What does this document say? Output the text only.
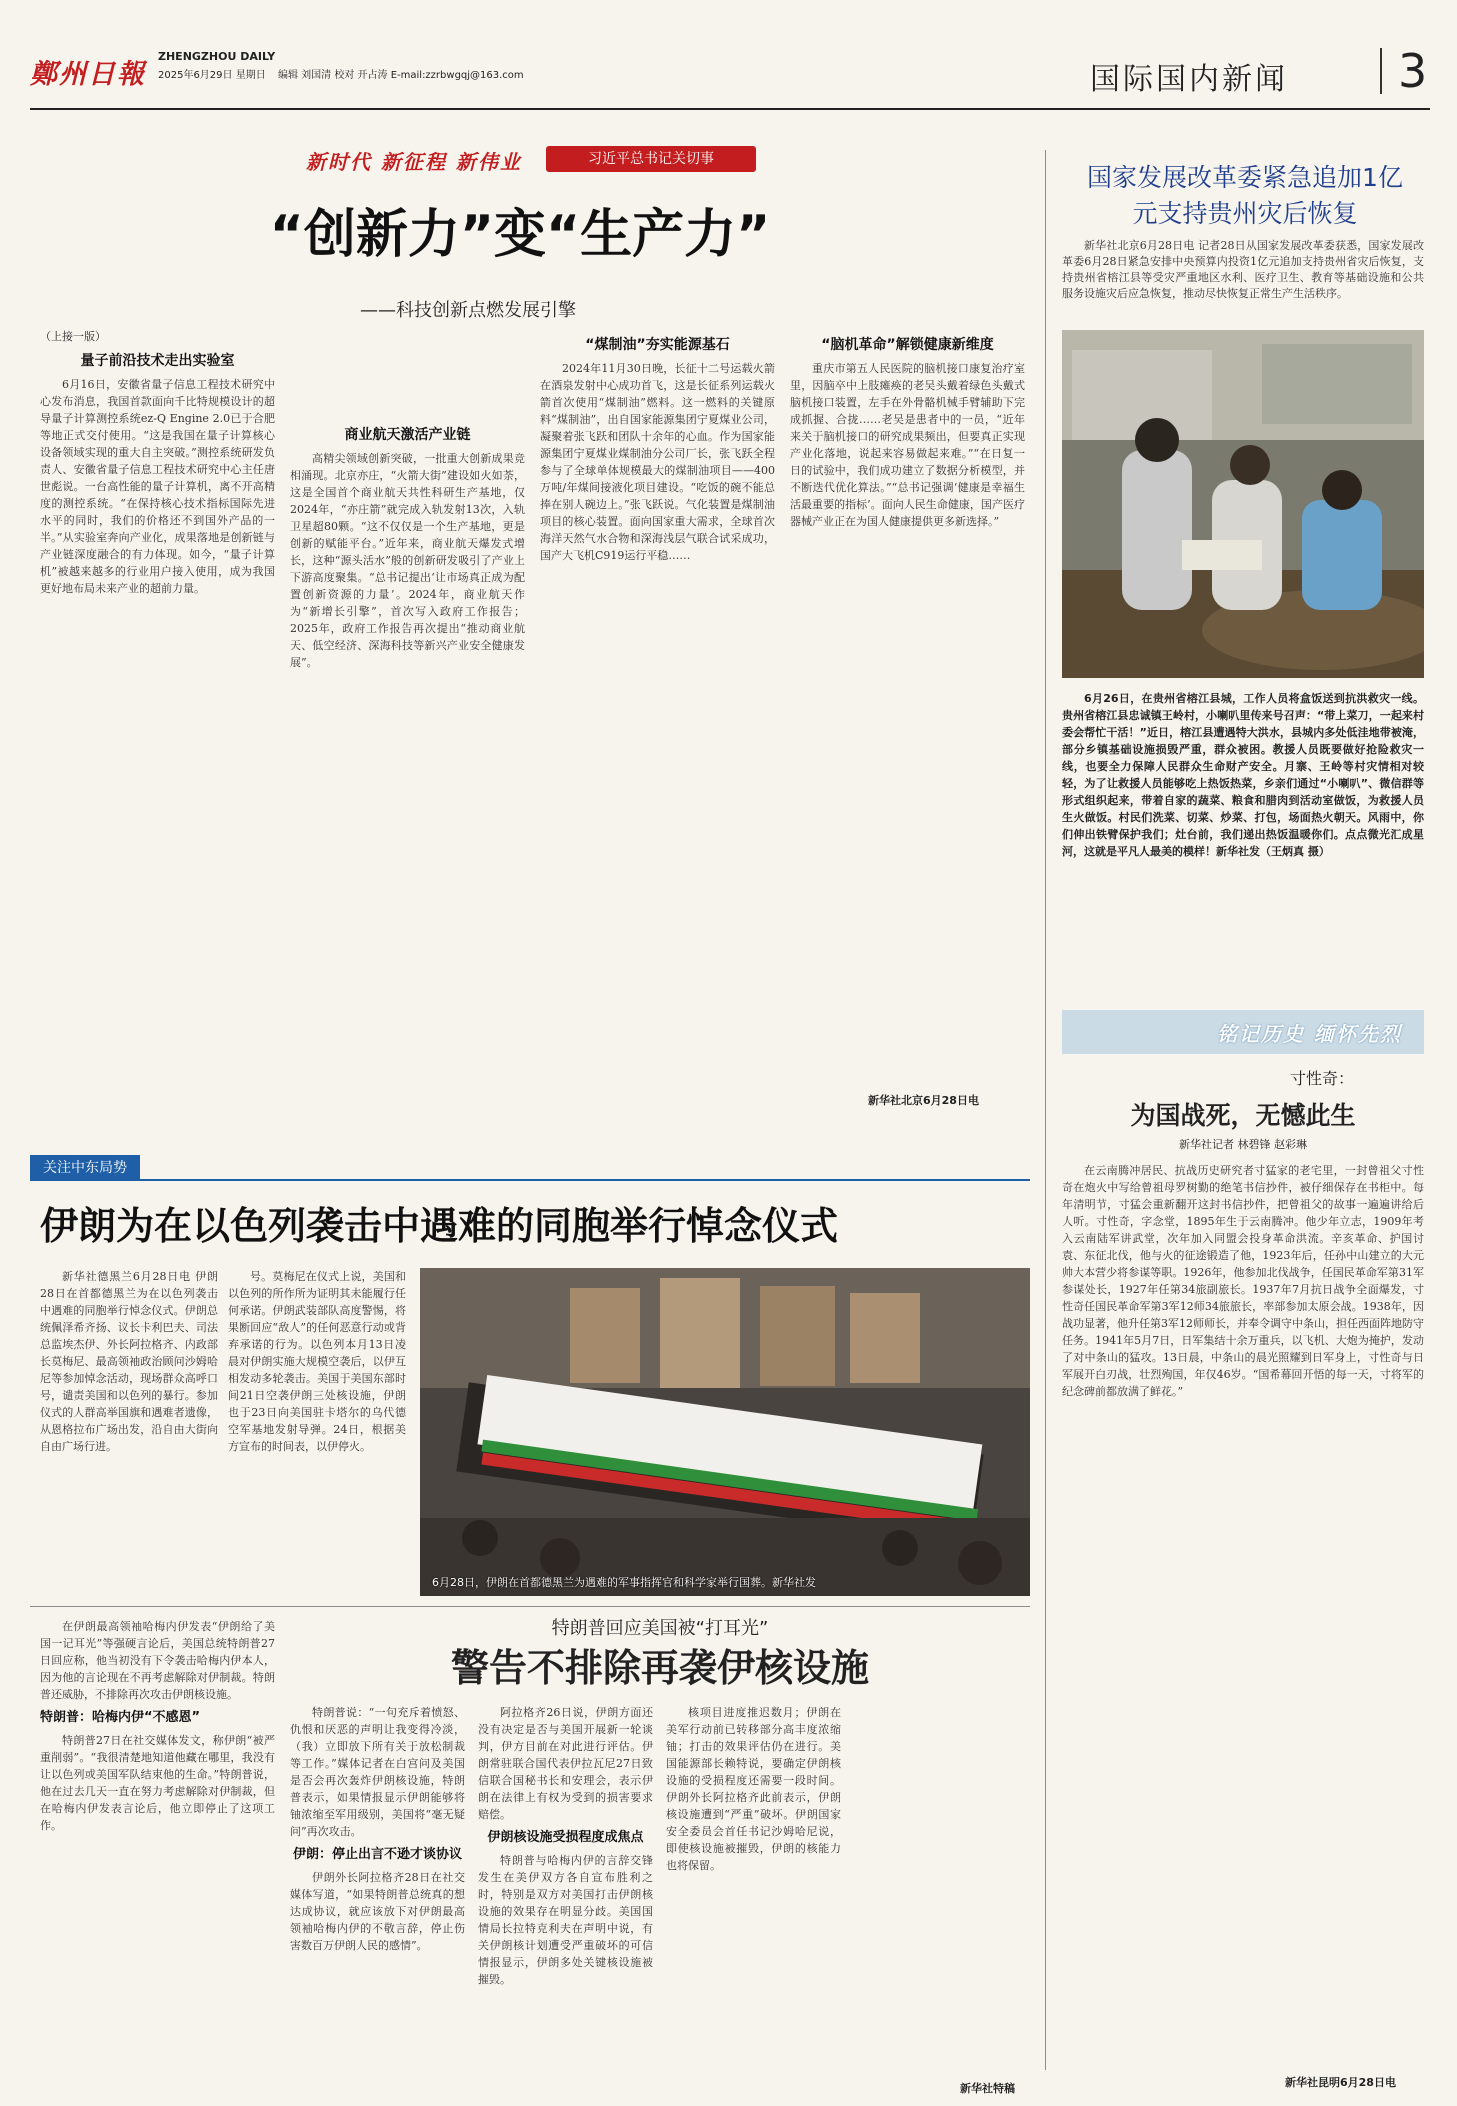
鄭州日報
ZHENGZHOU DAILY
2025年6月29日 星期日 编辑 刘国清 校对 开占涛 E-mail:zzrbwgqj@163.com	国际国内新闻 3
新时代 新征程 新伟业	习近平总书记关切事
“创新力”变“生产力”
——科技创新点燃发展引擎
（上接一版）
量子前沿技术走出实验室

6月16日，安徽省量子信息工程技术研究中心发布消息，我国首款面向千比特规模设计的超导量子计算测控系统ez-Q Engine 2.0已于合肥等地正式交付使用。“这是我国在量子计算核心设备领域实现的重大自主突破。”测控系统研发负责人、安徽省量子信息工程技术研究中心主任唐世彪说。一台高性能的量子计算机，离不开高精度的测控系统。“在保持核心技术指标国际先进水平的同时，我们的价格还不到国外产品的一半。”从实验室奔向产业化，成果落地是创新链与产业链深度融合的有力体现。如今，“量子计算机”被越来越多的行业用户接入使用，成为我国更好地布局未来产业的超前力量。

商业航天激活产业链

高精尖领域创新突破，一批重大创新成果竞相涌现。北京亦庄，“火箭大街”建设如火如荼，这是全国首个商业航天共性科研生产基地，仅2024年，“亦庄箭”就完成入轨发射13次，入轨卫星超80颗。“这不仅仅是一个生产基地，更是创新的赋能平台。”近年来，商业航天爆发式增长，这种“源头活水”般的创新研发吸引了产业上下游高度聚集。“总书记提出‘让市场真正成为配置创新资源的力量’。2024年，商业航天作为“新增长引擎”，首次写入政府工作报告；2025年，政府工作报告再次提出“推动商业航天、低空经济、深海科技等新兴产业安全健康发展”。

“煤制油”夯实能源基石

2024年11月30日晚，长征十二号运载火箭在酒泉发射中心成功首飞，这是长征系列运载火箭首次使用“煤制油”燃料。这一燃料的关键原料“煤制油”，出自国家能源集团宁夏煤业公司，凝聚着张飞跃和团队十余年的心血。作为国家能源集团宁夏煤业煤制油分公司厂长，张飞跃全程参与了全球单体规模最大的煤制油项目——400万吨/年煤间接液化项目建设。“吃饭的碗不能总捧在别人碗边上。”张飞跃说。气化装置是煤制油项目的核心装置。面向国家重大需求，全球首次海洋天然气水合物和深海浅层气联合试采成功，国产大飞机C919运行平稳……

“脑机革命”解锁健康新维度

重庆市第五人民医院的脑机接口康复治疗室里，因脑卒中上肢瘫痪的老吴头戴着绿色头戴式脑机接口装置，左手在外骨骼机械手臂辅助下完成抓握、合拢……老吴是患者中的一员，“近年来关于脑机接口的研究成果频出，但要真正实现产业化落地，说起来容易做起来难。”“在日复一日的试验中，我们成功建立了数据分析模型，并不断迭代优化算法。”“总书记强调‘健康是幸福生活最重要的指标’。面向人民生命健康，国产医疗器械产业正在为国人健康提供更多新选择。”

新华社北京6月28日电
国家发展改革委紧急追加1亿元支持贵州灾后恢复

新华社北京6月28日电 记者28日从国家发展改革委获悉，国家发展改革委6月28日紧急安排中央预算内投资1亿元追加支持贵州省灾后恢复，支持贵州省榕江县等受灾严重地区水利、医疗卫生、教育等基础设施和公共服务设施灾后应急恢复，推动尽快恢复正常生产生活秩序。

6月26日，在贵州省榕江县城，工作人员将盒饭送到抗洪救灾一线。贵州省榕江县忠诚镇王岭村，小喇叭里传来号召声：“带上菜刀，一起来村委会帮忙干活！”近日，榕江县遭遇特大洪水，县城内多处低洼地带被淹，部分乡镇基础设施损毁严重，群众被困。教援人员既要做好抢险救灾一线，也要全力保障人民群众生命财产安全。月寨、王岭等村灾情相对较轻，为了让救援人员能够吃上热饭热菜，乡亲们通过“小喇叭”、微信群等形式组织起来，带着自家的蔬菜、粮食和腊肉到活动室做饭，为救援人员生火做饭。村民们洗菜、切菜、炒菜、打包，场面热火朝天。风雨中，你们伸出铁臂保护我们；灶台前，我们递出热饭温暖你们。点点微光汇成星河，这就是平凡人最美的模样！新华社发（王炳真 摄）

铭记历史 缅怀先烈
寸性奇：
为国战死，无憾此生
新华社记者 林碧锋 赵彩琳

在云南腾冲居民、抗战历史研究者寸猛家的老宅里，一封曾祖父寸性奇在炮火中写给曾祖母罗树勤的绝笔书信抄件，被仔细保存在书柜中。每年清明节，寸猛会重新翻开这封书信抄件，把曾祖父的故事一遍遍讲给后人听。寸性奇，字念堂，1895年生于云南腾冲。他少年立志，1909年考入云南陆军讲武堂，次年加入同盟会投身革命洪流。辛亥革命、护国讨袁、东征北伐，他与火的征途锻造了他，1923年后，任孙中山建立的大元帅大本营少将参谋等职。1926年，他参加北伐战争，任国民革命军第31军参谋处长，1927年任第34旅副旅长。1937年7月抗日战争全面爆发，寸性奇任国民革命军第3军12师34旅旅长，率部参加太原会战。1938年，因战功显著，他升任第3军12师师长，并奉令调守中条山，担任西面阵地防守任务。1941年5月7日，日军集结十余万重兵，以飞机、大炮为掩护，发动了对中条山的猛攻。13日晨，中条山的晨光照耀到日军身上，寸性奇与日军展开白刃战，壮烈殉国，年仅46岁。“国希幕回开悟的每一天，寸将军的纪念碑前都放满了鲜花。”

新华社昆明6月28日电
关注中东局势
伊朗为在以色列袭击中遇难的同胞举行悼念仪式

新华社德黑兰6月28日电 伊朗28日在首都德黑兰为在以色列袭击中遇难的同胞举行悼念仪式。伊朗总统佩泽希齐扬、议长卡利巴夫、司法总监埃杰伊、外长阿拉格齐、内政部长莫梅尼、最高领袖政治顾问沙姆哈尼等参加悼念活动，现场群众高呼口号，谴责美国和以色列的暴行。参加仪式的人群高举国旗和遇难者遗像，从恩格拉布广场出发，沿自由大街向自由广场行进。

号。莫梅尼在仪式上说，美国和以色列的所作所为证明其未能履行任何承诺。伊朗武装部队高度警惕，将果断回应“敌人”的任何恶意行动或背弃承诺的行为。以色列本月13日凌晨对伊朗实施大规模空袭后，以伊互相发动多轮袭击。美国于美国东部时间21日空袭伊朗三处核设施，伊朗也于23日向美国驻卡塔尔的乌代德空军基地发射导弹。24日，根据美方宣布的时间表，以伊停火。

6月28日，伊朗在首都德黑兰为遇难的军事指挥官和科学家举行国葬。新华社发

在伊朗最高领袖哈梅内伊发表“伊朗给了美国一记耳光”等强硬言论后，美国总统特朗普27日回应称，他当初没有下令袭击哈梅内伊本人，因为他的言论现在不再考虑解除对伊制裁。特朗普还威胁，不排除再次攻击伊朗核设施。

特朗普：哈梅内伊“不感恩”

特朗普27日在社交媒体发文，称伊朗“被严重削弱”。“我很清楚地知道他藏在哪里，我没有让以色列或美国军队结束他的生命。”特朗普说，他在过去几天一直在努力考虑解除对伊制裁，但在哈梅内伊发表言论后，他立即停止了这项工作。

特朗普回应美国被“打耳光”
警告不排除再袭伊核设施

特朗普说：“一句充斥着愤怒、仇恨和厌恶的声明让我变得冷淡，（我）立即放下所有关于放松制裁等工作。”媒体记者在白宫问及美国是否会再次轰炸伊朗核设施，特朗普表示，如果情报显示伊朗能够将铀浓缩至军用级别，美国将“毫无疑问”再次攻击。

伊朗：停止出言不逊才谈协议

伊朗外长阿拉格齐28日在社交媒体写道，“如果特朗普总统真的想达成协议，就应该放下对伊朗最高领袖哈梅内伊的不敬言辞，停止伤害数百万伊朗人民的感情”。

阿拉格齐26日说，伊朗方面还没有决定是否与美国开展新一轮谈判，伊方目前在对此进行评估。伊朗常驻联合国代表伊拉瓦尼27日致信联合国秘书长和安理会，表示伊朗在法律上有权为受到的损害要求赔偿。

伊朗核设施受损程度成焦点

特朗普与哈梅内伊的言辞交锋发生在美伊双方各自宣布胜利之时，特别是双方对美国打击伊朗核设施的效果存在明显分歧。美国国情局长拉特克利夫在声明中说，有关伊朗核计划遭受严重破坏的可信情报显示，伊朗多处关键核设施被摧毁。

核项目进度推迟数月；伊朗在美军行动前已转移部分高丰度浓缩铀；打击的效果评估仍在进行。美国能源部长赖特说，要确定伊朗核设施的受损程度还需要一段时间。伊朗外长阿拉格齐此前表示，伊朗核设施遭到“严重”破坏。伊朗国家安全委员会首任书记沙姆哈尼说，即使核设施被摧毁，伊朗的核能力也将保留。

新华社特稿
